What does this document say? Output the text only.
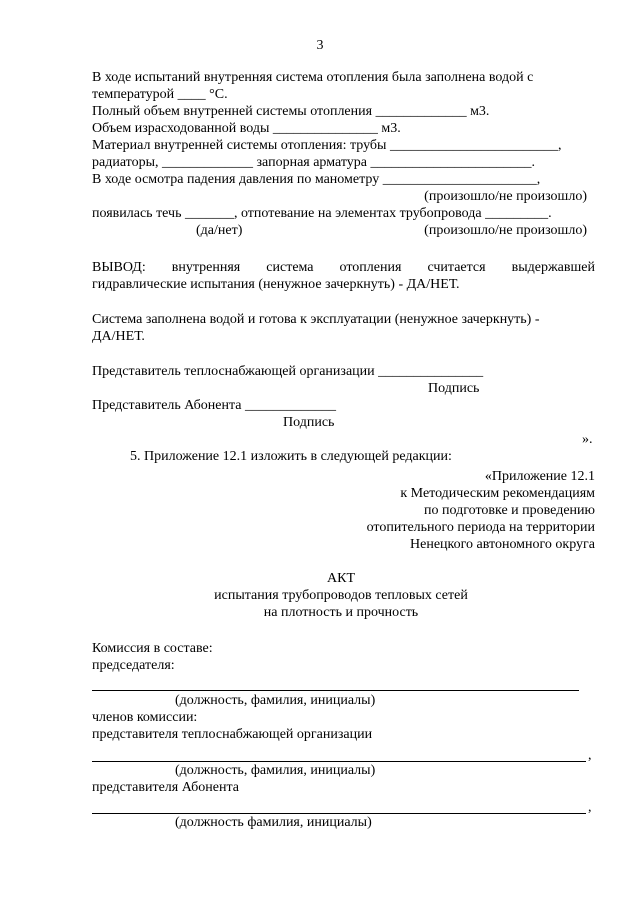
3
В ходе испытаний внутренняя система отопления была заполнена водой с
температурой ____ °С.
Полный объем внутренней системы отопления _____________ м3.
Объем израсходованной воды _______________ м3.
Материал внутренней системы отопления: трубы ________________________,
радиаторы, _____________ запорная арматура _______________________.
В ходе осмотра падения давления по манометру ______________________,
(произошло/не произошло)
появилась течь _______, отпотевание на элементах трубопровода _________.
(да/нет)	(произошло/не произошло)
ВЫВОД: внутренняя система отопления считается выдержавшей
гидравлические испытания (ненужное зачеркнуть) - ДА/НЕТ.
Система заполнена водой и готова к эксплуатации (ненужное зачеркнуть) -
ДА/НЕТ.
Представитель теплоснабжающей организации _______________
Подпись
Представитель Абонента _____________
Подпись
».
5. Приложение 12.1 изложить в следующей редакции:
«Приложение 12.1
к Методическим рекомендациям
по подготовке и проведению
отопительного периода на территории
Ненецкого автономного округа
АКТ
испытания трубопроводов тепловых сетей
на плотность и прочность
Комиссия в составе:
председателя:
(должность, фамилия, инициалы)
членов комиссии:
представителя теплоснабжающей организации
,
(должность, фамилия, инициалы)
представителя Абонента
,
(должность фамилия, инициалы)
